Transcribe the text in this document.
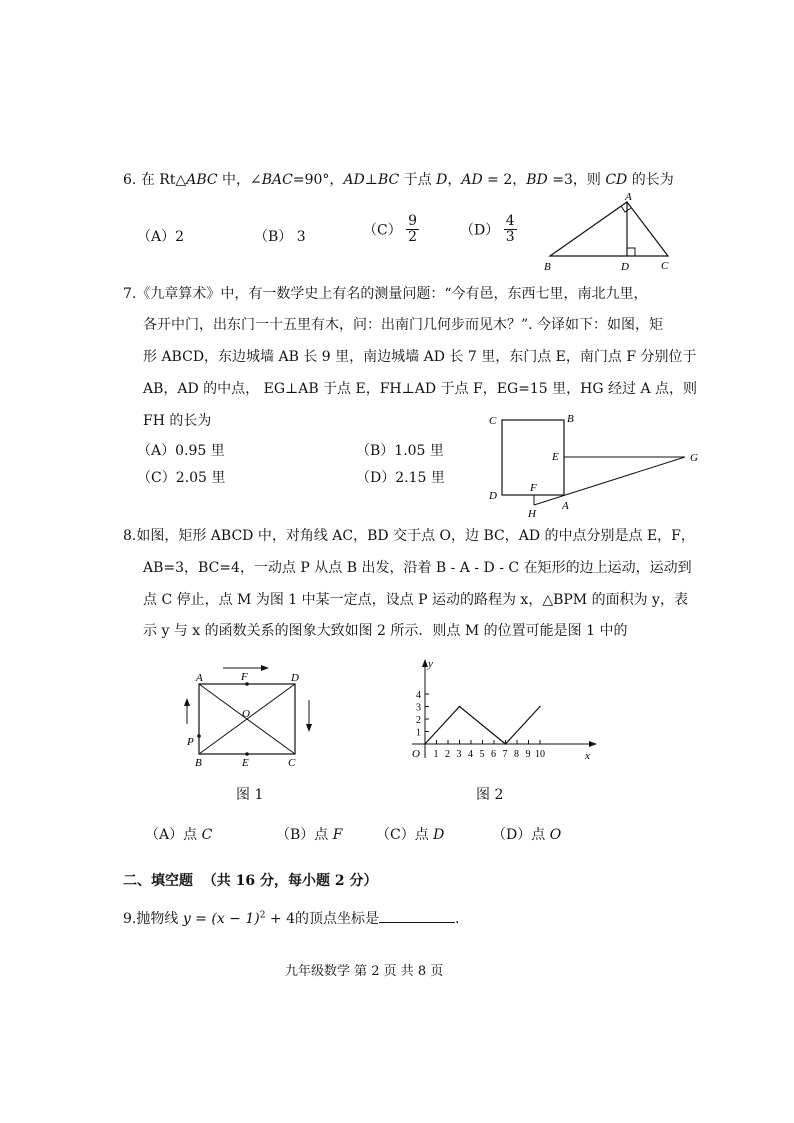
6. 在 Rt△ABC 中，∠BAC=90°，AD⊥BC 于点 D，AD = 2，BD =3，则 CD 的长为
（A）2	（B） 3	$(C) \frac{9}{2}$	$(D) \frac{4}{3}$
A
B	D	C
7.《九章算术》中，有一数学史上有名的测量问题：“今有邑，东西七里，南北九里，
各开中门，出东门一十五里有木，问：出南门几何步而见木？”. 今译如下：如图，矩
形 ABCD，东边城墙 AB 长 9 里，南边城墙 AD 长 7 里，东门点 E，南门点 F 分别位于
AB，AD 的中点， EG⊥AB 于点 E，FH⊥AD 于点 F，EG=15 里，HG 经过 A 点，则
FH 的长为
（A）0.95 里	（B）1.05 里
（C）2.05 里	（D）2.15 里
C	B
E	G
D
F
A
H
8.如图，矩形 ABCD 中，对角线 AC，BD 交于点 O，边 BC，AD 的中点分别是点 E，F，
AB=3，BC=4，一动点 P 从点 B 出发，沿着 B - A - D - C 在矩形的边上运动，运动到
点 C 停止，点 M 为图 1 中某一定点，设点 P 运动的路程为 x，△BPM 的面积为 y，表
示 y 与 x 的函数关系的图象大致如图 2 所示．则点 M 的位置可能是图 1 中的
A	F	D
O
P
B	E	C
图 1
y
x
O 1 2 3 4 5 6 7 8 9 10
1
2
3
4
图 2
（A）点 C	（B）点 F （C）点 D	（D）点 O
二、填空题 （共 16 分，每小题 2 分）
9.抛物线 $y = (x - 1)^2 + 4$的顶点坐标是	.
九年级数学 第 2 页 共 8 页
